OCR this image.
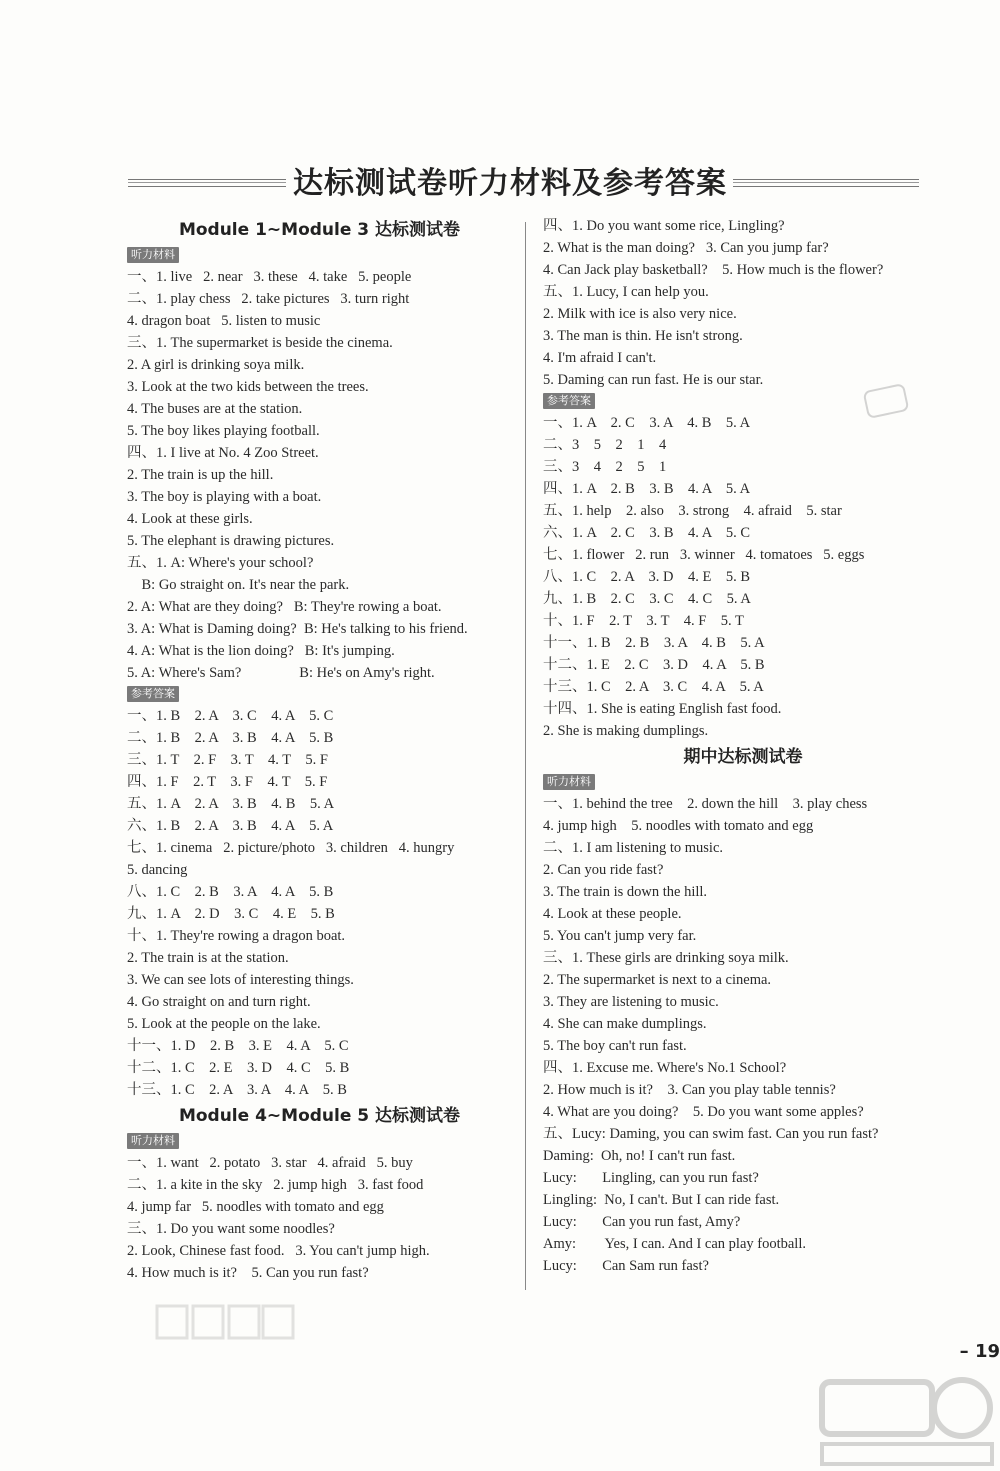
达标测试卷听力材料及参考答案
Module 1~Module 3 达标测试卷
听力材料
一、1. live   2. near   3. these   4. take   5. people
二、1. play chess   2. take pictures   3. turn right
4. dragon boat   5. listen to music
三、1. The supermarket is beside the cinema.
2. A girl is drinking soya milk.
3. Look at the two kids between the trees.
4. The buses are at the station.
5. The boy likes playing football.
四、1. I live at No. 4 Zoo Street.
2. The train is up the hill.
3. The boy is playing with a boat.
4. Look at these girls.
5. The elephant is drawing pictures.
五、1. A: Where's your school?
B: Go straight on. It's near the park.
2. A: What are they doing?   B: They're rowing a boat.
3. A: What is Daming doing?  B: He's talking to his friend.
4. A: What is the lion doing?   B: It's jumping.
5. A: Where's Sam?                B: He's on Amy's right.
参考答案
一、1. B    2. A    3. C    4. A    5. C
二、1. B    2. A    3. B    4. A    5. B
三、1. T    2. F    3. T    4. T    5. F
四、1. F    2. T    3. F    4. T    5. F
五、1. A    2. A    3. B    4. B    5. A
六、1. B    2. A    3. B    4. A    5. A
七、1. cinema   2. picture/photo   3. children   4. hungry
5. dancing
八、1. C    2. B    3. A    4. A    5. B
九、1. A    2. D    3. C    4. E    5. B
十、1. They're rowing a dragon boat.
2. The train is at the station.
3. We can see lots of interesting things.
4. Go straight on and turn right.
5. Look at the people on the lake.
十一、1. D    2. B    3. E    4. A    5. C
十二、1. C    2. E    3. D    4. C    5. B
十三、1. C    2. A    3. A    4. A    5. B
Module 4~Module 5 达标测试卷
听力材料
一、1. want   2. potato   3. star   4. afraid   5. buy
二、1. a kite in the sky   2. jump high   3. fast food
4. jump far   5. noodles with tomato and egg
三、1. Do you want some noodles?
2. Look, Chinese fast food.   3. You can't jump high.
4. How much is it?    5. Can you run fast?
四、1. Do you want some rice, Lingling?
2. What is the man doing?   3. Can you jump far?
4. Can Jack play basketball?    5. How much is the flower?
五、1. Lucy, I can help you.
2. Milk with ice is also very nice.
3. The man is thin. He isn't strong.
4. I'm afraid I can't.
5. Daming can run fast. He is our star.
参考答案
一、1. A    2. C    3. A    4. B    5. A
二、3    5    2    1    4
三、3    4    2    5    1
四、1. A    2. B    3. B    4. A    5. A
五、1. help    2. also    3. strong    4. afraid    5. star
六、1. A    2. C    3. B    4. A    5. C
七、1. flower   2. run   3. winner   4. tomatoes   5. eggs
八、1. C    2. A    3. D    4. E    5. B
九、1. B    2. C    3. C    4. C    5. A
十、1. F    2. T    3. T    4. F    5. T
十一、1. B    2. B    3. A    4. B    5. A
十二、1. E    2. C    3. D    4. A    5. B
十三、1. C    2. A    3. C    4. A    5. A
十四、1. She is eating English fast food.
2. She is making dumplings.
期中达标测试卷
听力材料
一、1. behind the tree    2. down the hill    3. play chess
4. jump high    5. noodles with tomato and egg
二、1. I am listening to music.
2. Can you ride fast?
3. The train is down the hill.
4. Look at these people.
5. You can't jump very far.
三、1. These girls are drinking soya milk.
2. The supermarket is next to a cinema.
3. They are listening to music.
4. She can make dumplings.
5. The boy can't run fast.
四、1. Excuse me. Where's No.1 School?
2. How much is it?    3. Can you play table tennis?
4. What are you doing?    5. Do you want some apples?
五、Lucy: Daming, you can swim fast. Can you run fast?
Daming:  Oh, no! I can't run fast.
Lucy:       Lingling, can you run fast?
Lingling:  No, I can't. But I can ride fast.
Lucy:       Can you run fast, Amy?
Amy:        Yes, I can. And I can play football.
Lucy:       Can Sam run fast?
– 19
